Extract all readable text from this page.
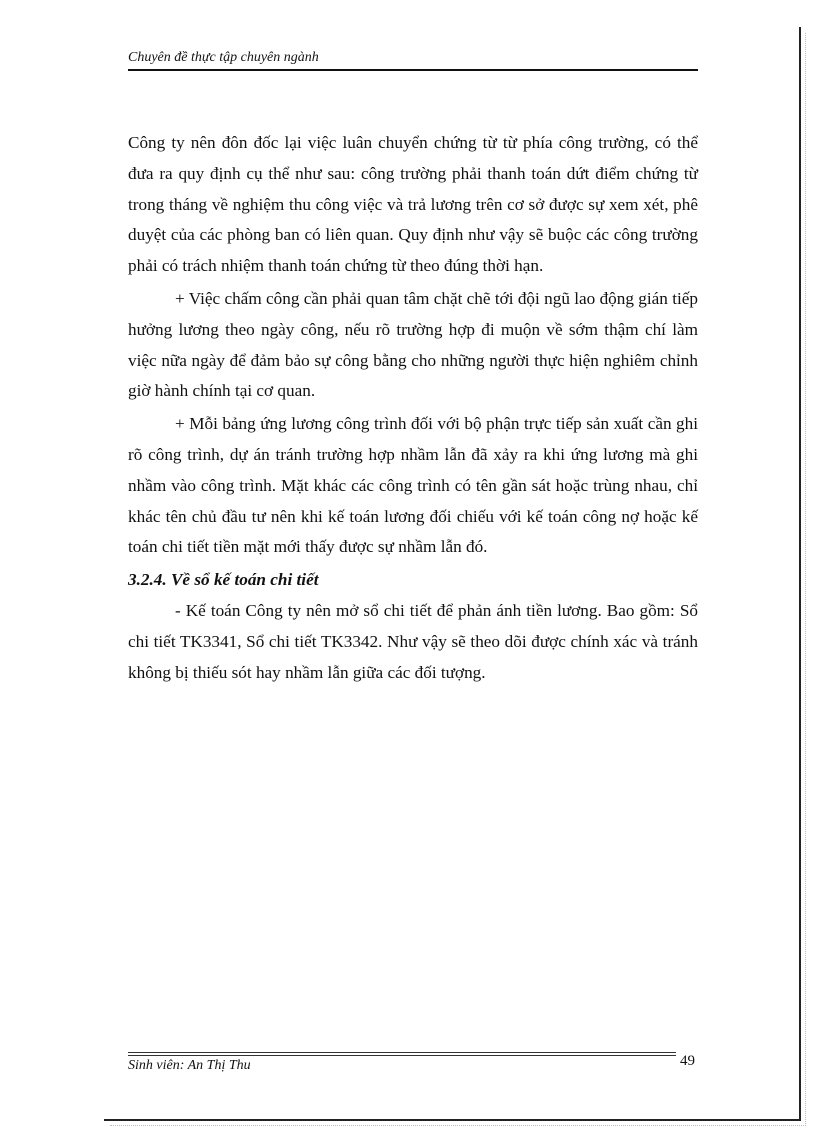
Chuyên đề thực tập chuyên ngành

Công ty nên đôn đốc lại việc luân chuyển chứng từ từ phía công trường, có thể đưa ra quy định cụ thể như sau: công trường phải thanh toán dứt điểm chứng từ trong tháng về nghiệm thu công việc và trả lương trên cơ sở được sự xem xét, phê duyệt của các phòng ban có liên quan. Quy định như vậy sẽ buộc các công trường phải có trách nhiệm thanh toán chứng từ theo đúng thời hạn.

+ Việc chấm công cần phải quan tâm chặt chẽ tới đội ngũ lao động gián tiếp hưởng lương theo ngày công, nếu rõ trường hợp đi muộn về sớm thậm chí làm việc nữa ngày để đảm bảo sự công bằng cho những người thực hiện nghiêm chỉnh giờ hành chính tại cơ quan.

+ Mỗi bảng ứng lương công trình đối với bộ phận trực tiếp sản xuất cần ghi rõ công trình, dự án tránh trường hợp nhầm lẫn đã xảy ra khi ứng lương mà ghi nhầm vào công trình. Mặt khác các công trình có tên gần sát hoặc trùng nhau, chỉ khác tên chủ đầu tư nên khi kế toán lương đối chiếu với kế toán công nợ hoặc kế toán chi tiết tiền mặt mới thấy được sự nhầm lẫn đó.

3.2.4. Về sổ kế toán chi tiết

- Kế toán Công ty nên mở sổ chi tiết để phản ánh tiền lương. Bao gồm: Sổ chi tiết TK3341, Sổ chi tiết TK3342. Như vậy sẽ theo dõi được chính xác và tránh không bị thiếu sót hay nhầm lẫn giữa các đối tượng.

Sinh viên: An Thị Thu	49
